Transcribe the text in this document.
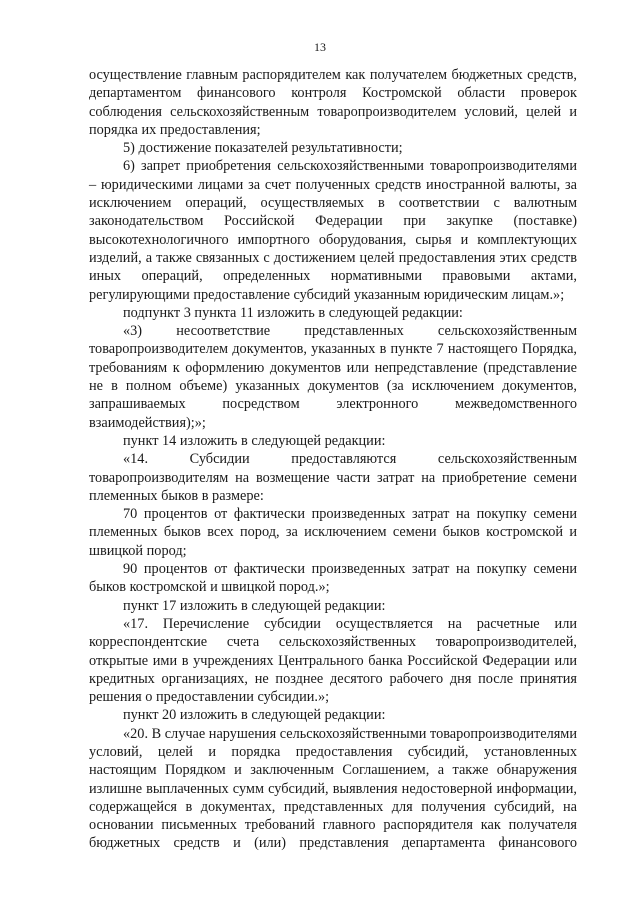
13

осуществление главным распорядителем как получателем бюджетных средств, департаментом финансового контроля Костромской области проверок соблюдения сельскохозяйственным товаропроизводителем условий, целей и порядка их предоставления;

5) достижение показателей результативности;

6) запрет приобретения сельскохозяйственными товаропроизводителями – юридическими лицами за счет полученных средств иностранной валюты, за исключением операций, осуществляемых в соответствии с валютным законодательством Российской Федерации при закупке (поставке) высокотехнологичного импортного оборудования, сырья и комплектующих изделий, а также связанных с достижением целей предоставления этих средств иных операций, определенных нормативными правовыми актами, регулирующими предоставление субсидий указанным юридическим лицам.»;

подпункт 3 пункта 11 изложить в следующей редакции:

«3) несоответствие представленных сельскохозяйственным товаропроизводителем документов, указанных в пункте 7 настоящего Порядка, требованиям к оформлению документов или непредставление (представление не в полном объеме) указанных документов (за исключением документов, запрашиваемых посредством электронного межведомственного взаимодействия);»;

пункт 14 изложить в следующей редакции:

«14. Субсидии предоставляются сельскохозяйственным товаропроизводителям на возмещение части затрат на приобретение семени племенных быков в размере:

70 процентов от фактически произведенных затрат на покупку семени племенных быков всех пород, за исключением семени быков костромской и швицкой пород;

90 процентов от фактически произведенных затрат на покупку семени быков костромской и швицкой пород.»;

пункт 17 изложить в следующей редакции:

«17. Перечисление субсидии осуществляется на расчетные или корреспондентские счета сельскохозяйственных товаропроизводителей, открытые ими в учреждениях Центрального банка Российской Федерации или кредитных организациях, не позднее десятого рабочего дня после принятия решения о предоставлении субсидии.»;

пункт 20 изложить в следующей редакции:

«20. В случае нарушения сельскохозяйственными товаропроизводителями условий, целей и порядка предоставления субсидий, установленных настоящим Порядком и заключенным Соглашением, а также обнаружения излишне выплаченных сумм субсидий, выявления недостоверной информации, содержащейся в документах, представленных для получения субсидий, на основании письменных требований главного распорядителя как получателя бюджетных средств и (или) представления департамента финансового
